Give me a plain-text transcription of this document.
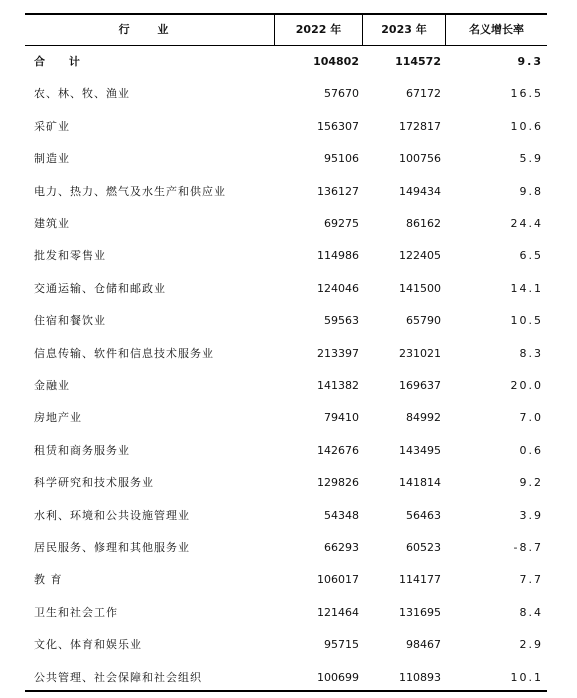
行 业	2022 年	2023 年	名义增长率
合 计	104802	114572	9.3
农、林、牧、渔业	57670	67172	16.5
采矿业	156307	172817	10.6
制造业	95106	100756	5.9
电力、热力、燃气及水生产和供应业	136127	149434	9.8
建筑业	69275	86162	24.4
批发和零售业	114986	122405	6.5
交通运输、仓储和邮政业	124046	141500	14.1
住宿和餐饮业	59563	65790	10.5
信息传输、软件和信息技术服务业	213397	231021	8.3
金融业	141382	169637	20.0
房地产业	79410	84992	7.0
租赁和商务服务业	142676	143495	0.6
科学研究和技术服务业	129826	141814	9.2
水利、环境和公共设施管理业	54348	56463	3.9
居民服务、修理和其他服务业	66293	60523	-8.7
教 育	106017	114177	7.7
卫生和社会工作	121464	131695	8.4
文化、体育和娱乐业	95715	98467	2.9
公共管理、社会保障和社会组织	100699	110893	10.1
